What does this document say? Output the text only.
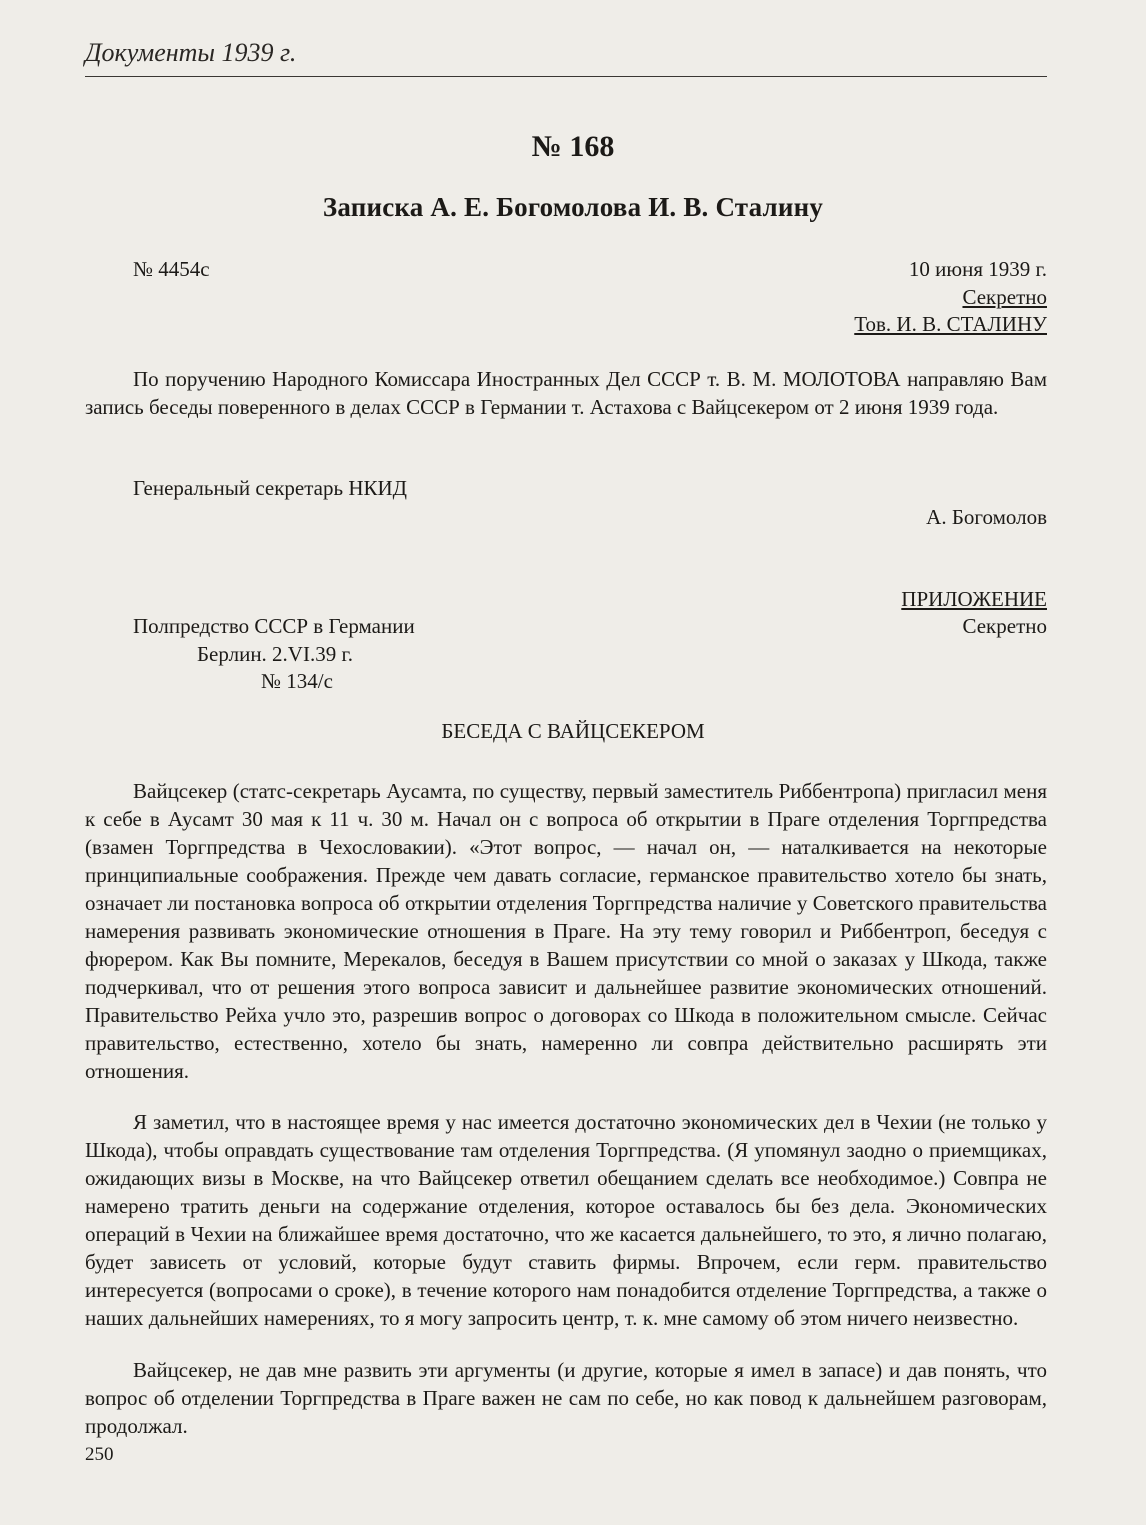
Документы 1939 г.
№ 168
Записка А. Е. Богомолова И. В. Сталину
№ 4454с	10 июня 1939 г.
Секретно
Тов. И. В. СТАЛИНУ
По поручению Народного Комиссара Иностранных Дел СССР т. В. М. МОЛОТОВА направляю Вам запись беседы поверенного в делах СССР в Германии т. Астахова с Вайцсекером от 2 июня 1939 года.
Генеральный секретарь НКИД
А. Богомолов
ПРИЛОЖЕНИЕ
Полпредство СССР в Германии	Секретно
Берлин. 2.VI.39 г.
№ 134/с
БЕСЕДА С ВАЙЦСЕКЕРОМ
Вайцсекер (статс-секретарь Аусамта, по существу, первый заместитель Риббентропа) пригласил меня к себе в Аусамт 30 мая к 11 ч. 30 м. Начал он с вопроса об открытии в Праге отделения Торгпредства (взамен Торгпредства в Чехословакии). «Этот вопрос, — начал он, — наталкивается на некоторые принципиальные соображения. Прежде чем давать согласие, германское правительство хотело бы знать, означает ли постановка вопроса об открытии отделения Торгпредства наличие у Советского правительства намерения развивать экономические отношения в Праге. На эту тему говорил и Риббентроп, беседуя с фюрером. Как Вы помните, Мерекалов, беседуя в Вашем присутствии со мной о заказах у Шкода, также подчеркивал, что от решения этого вопроса зависит и дальнейшее развитие экономических отношений. Правительство Рейха учло это, разрешив вопрос о договорах со Шкода в положительном смысле. Сейчас правительство, естественно, хотело бы знать, намеренно ли совпра действительно расширять эти отношения.
Я заметил, что в настоящее время у нас имеется достаточно экономических дел в Чехии (не только у Шкода), чтобы оправдать существование там отделения Торгпредства. (Я упомянул заодно о приемщиках, ожидающих визы в Москве, на что Вайцсекер ответил обещанием сделать все необходимое.) Совпра не намерено тратить деньги на содержание отделения, которое оставалось бы без дела. Экономических операций в Чехии на ближайшее время достаточно, что же касается дальнейшего, то это, я лично полагаю, будет зависеть от условий, которые будут ставить фирмы. Впрочем, если герм. правительство интересуется (вопросами о сроке), в течение которого нам понадобится отделение Торгпредства, а также о наших дальнейших намерениях, то я могу запросить центр, т. к. мне самому об этом ничего неизвестно.
Вайцсекер, не дав мне развить эти аргументы (и другие, которые я имел в запасе) и дав понять, что вопрос об отделении Торгпредства в Праге важен не сам по себе, но как повод к дальнейшем разговорам, продолжал.
250
